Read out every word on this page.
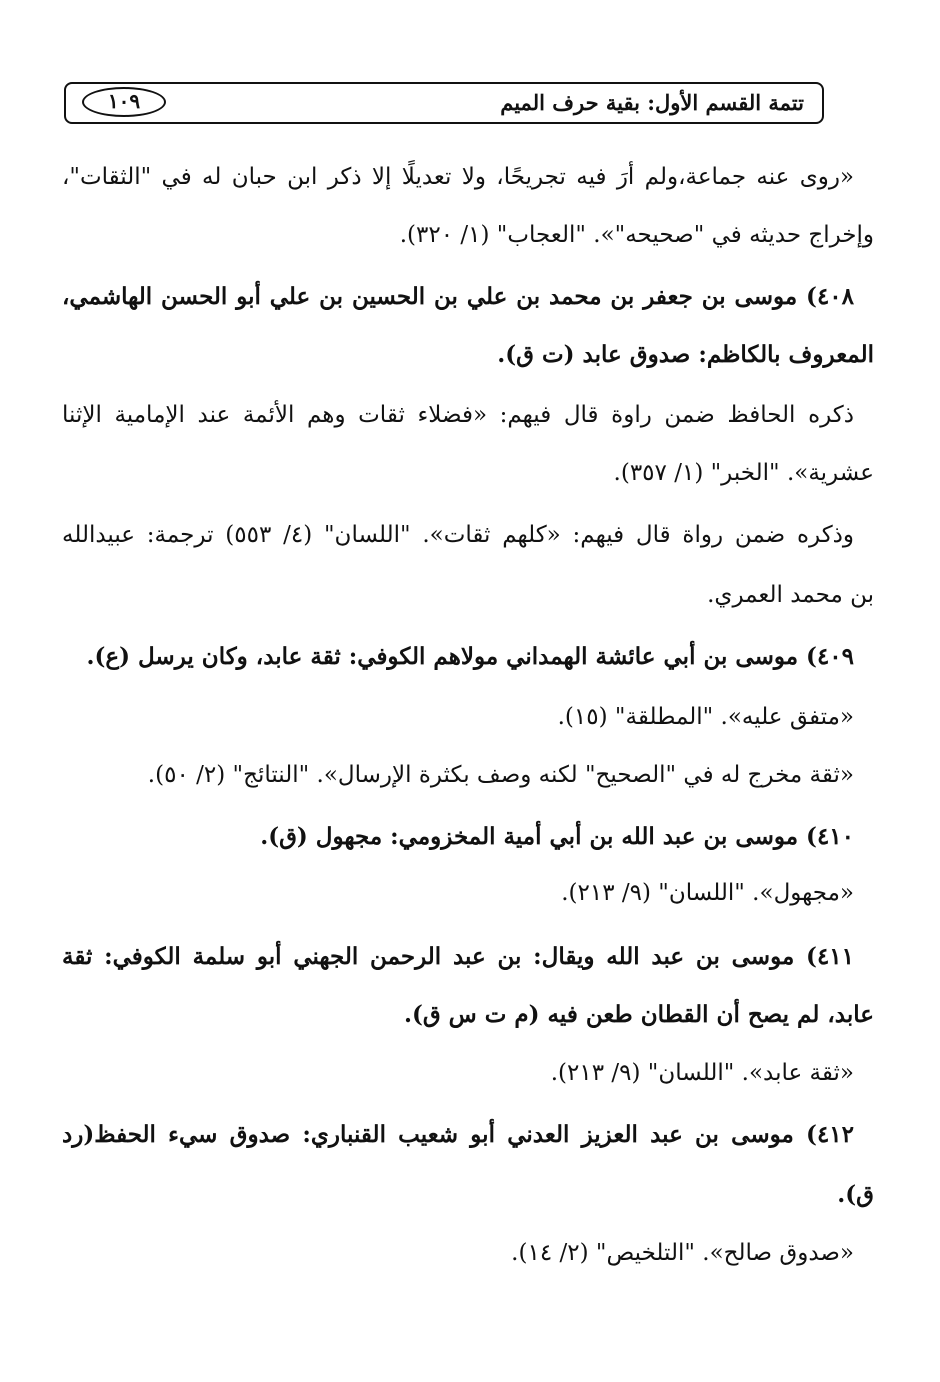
تتمة القسم الأول: بقية حرف الميم
١٠٩
«روى عنه جماعة،ولم أرَ فيه تجريحًا، ولا تعديلًا إلا ذكر ابن حبان له في "الثقات"،
وإخراج حديثه في "صحيحه"». "العجاب" (١/ ٣٢٠).
٤٠٨) موسى بن جعفر بن محمد بن علي بن الحسين بن علي أبو الحسن الهاشمي،
المعروف بالكاظم: صدوق عابد (ت ق).
ذكره الحافظ ضمن راوة قال فيهم: «فضلاء ثقات وهم الأئمة عند الإمامية الإثنا
عشرية». "الخبر" (١/ ٣٥٧).
وذكره ضمن رواة قال فيهم: «كلهم ثقات». "اللسان" (٤/ ٥٥٣) ترجمة: عبيدالله
بن محمد العمري.
٤٠٩) موسى بن أبي عائشة الهمداني مولاهم الكوفي: ثقة عابد، وكان يرسل (ع).
«متفق عليه». "المطلقة" (١٥).
«ثقة مخرج له في "الصحيح" لكنه وصف بكثرة الإرسال». "النتائج" (٢/ ٥٠).
٤١٠) موسى بن عبد الله بن أبي أمية المخزومي: مجهول (ق).
«مجهول». "اللسان" (٩/ ٢١٣).
٤١١) موسى بن عبد الله ويقال: بن عبد الرحمن الجهني أبو سلمة الكوفي: ثقة
عابد، لم يصح أن القطان طعن فيه (م ت س ق).
«ثقة عابد». "اللسان" (٩/ ٢١٣).
٤١٢) موسى بن عبد العزيز العدني أبو شعيب القنباري: صدوق سيء الحفظ(رد
ق).
«صدوق صالح». "التلخيص" (٢/ ١٤).
